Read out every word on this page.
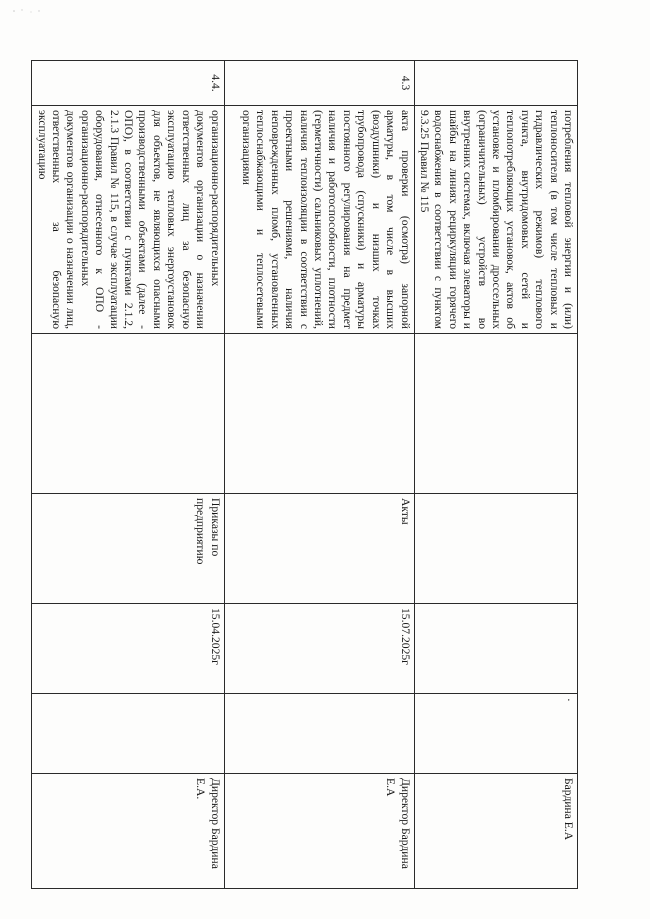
	потребления тепловой энергии и (или) теплоносителя (в том числе тепловых и гидравлических режимов) теплового пункта, внутридомовых сетей и теплопотребляющих установок, актов об установке и пломбировании дроссельных (ограничительных) устройств во внутренних системах, включая элеваторы и шайбы на линиях рециркуляции горячего водоснабжения в соответствии с пунктом 9.3.25 Правил № 115				·	Бардина Е.А
4.3	акта проверки (осмотра) запорной арматуры, в том числе в высших (воздушники) и низших точках трубопровода (спускники) и арматуры постоянного регулирования на предмет наличия и работоспособности, плотности (герметичности) сальниковых уплотнений, наличия теплоизоляции в соответствии с проектными решениями, наличия неповрежденных пломб, установленных теплоснабжающими и теплосетевыми организациями		Акты	15.07.2025г		Директор Бардина Е.А
4.4.	организационно-распорядительных документов организации о назначении ответственных лиц за безопасную эксплуатацию тепловых энергоустановок для объектов, не являющихся опасными производственными объектами (далее - ОПО), в соответствии с пунктами 2.1.2, 2.1.3 Правил № 115, в случае эксплуатации оборудования, отнесенного к ОПО - организационно-распорядительных документов организации о назначении лиц, ответственных за безопасную эксплуатацию		Приказы по предприятию	15.04.2025г		Директор Бардина Е.А.
